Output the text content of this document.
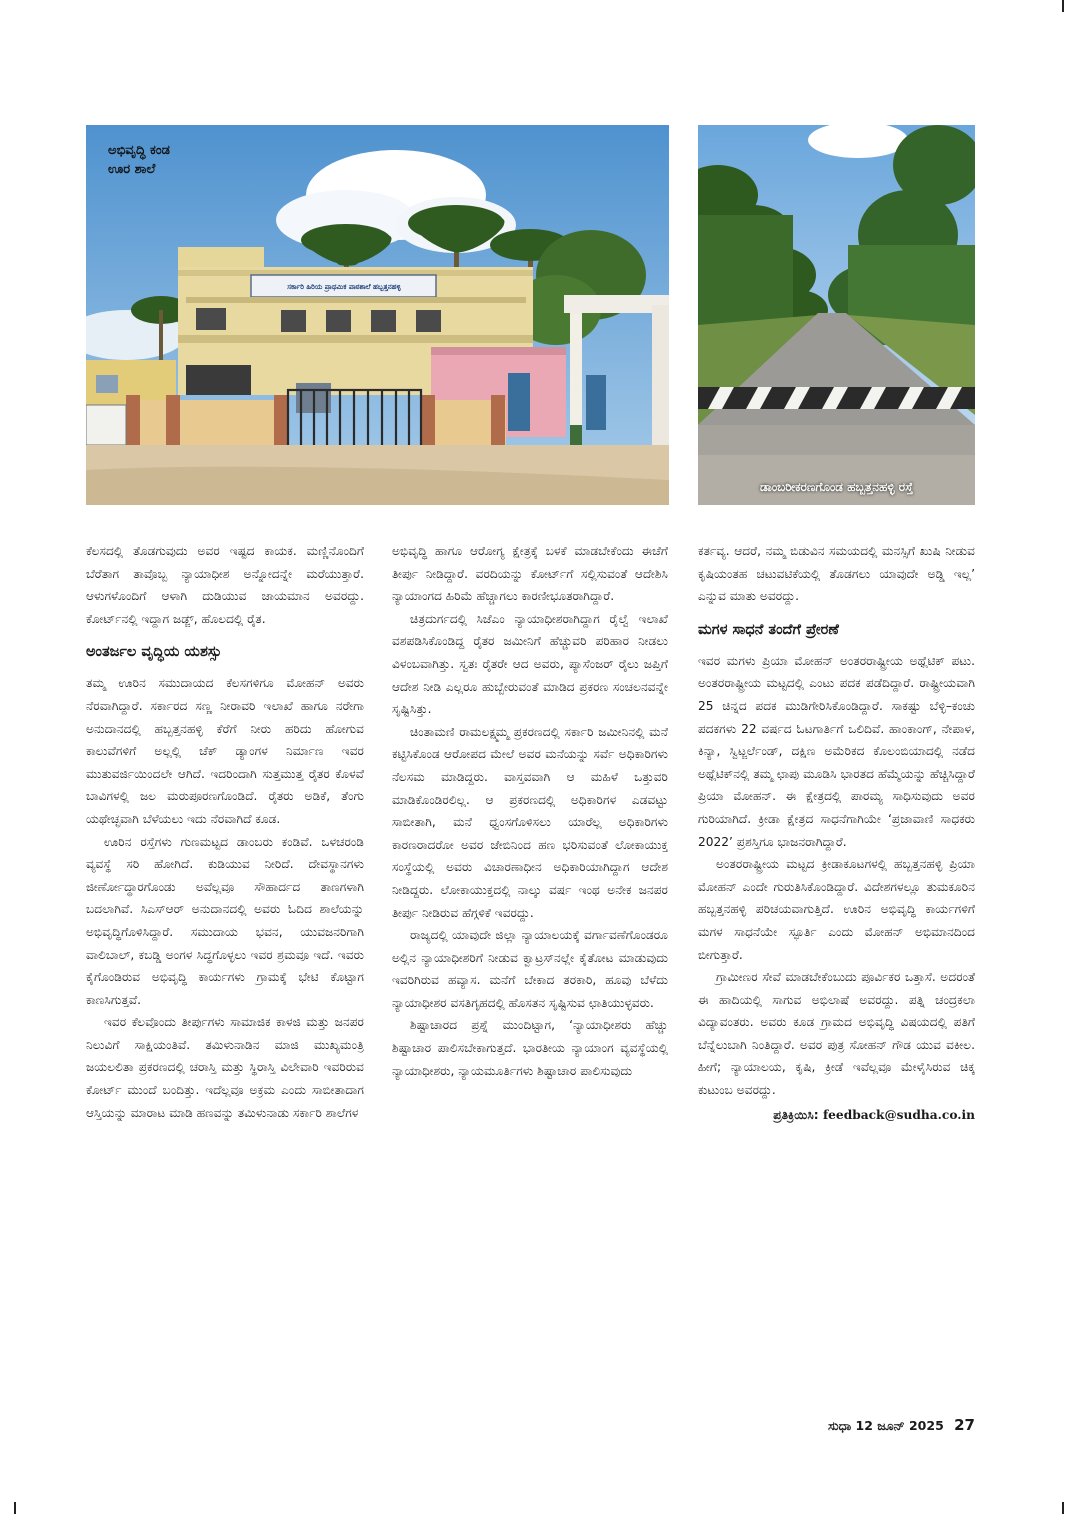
ಅಭಿವೃದ್ಧಿ ಕಂಡ
ಊರ ಶಾಲೆ
ಸರ್ಕಾರಿ ಹಿರಿಯ ಪ್ರಾಥಮಿಕ ಪಾಠಶಾಲೆ ಹಬ್ಬತ್ತನಹಳ್ಳಿ
ಡಾಂಬರೀಕರಣಗೊಂಡ ಹಬ್ಬತ್ತನಹಳ್ಳಿ ರಸ್ತೆ

ಕೆಲಸದಲ್ಲಿ ತೊಡಗುವುದು ಅವರ ಇಷ್ಟದ ಕಾಯಕ. ಮಣ್ಣಿನೊಂದಿಗೆ ಬೆರೆತಾಗ ತಾವೊಬ್ಬ ನ್ಯಾಯಾಧೀಶ ಅನ್ನೋದನ್ನೇ ಮರೆಯುತ್ತಾರೆ. ಆಳುಗಳೊಂದಿಗೆ ಆಳಾಗಿ ದುಡಿಯುವ ಜಾಯಮಾನ ಅವರದ್ದು. ಕೋರ್ಟ್‌ನಲ್ಲಿ ಇದ್ದಾಗ ಜಡ್ಜ್, ಹೊಲದಲ್ಲಿ ರೈತ.

ಅಂತರ್ಜಲ ವೃದ್ಧಿಯ ಯಶಸ್ಸು

ತಮ್ಮ ಊರಿನ ಸಮುದಾಯದ ಕೆಲಸಗಳಿಗೂ ಮೋಹನ್ ಅವರು ನೆರವಾಗಿದ್ದಾರೆ. ಸರ್ಕಾರದ ಸಣ್ಣ ನೀರಾವರಿ ಇಲಾಖೆ ಹಾಗೂ ನರೇಗಾ ಅನುದಾನದಲ್ಲಿ ಹಬ್ಬತ್ತನಹಳ್ಳಿ ಕೆರೆಗೆ ನೀರು ಹರಿದು ಹೋಗುವ ಕಾಲುವೆಗಳಿಗೆ ಅಲ್ಲಲ್ಲಿ ಚೆಕ್ ಡ್ಯಾಂಗಳ ನಿರ್ಮಾಣ ಇವರ ಮುತುವರ್ಜಿಯಿಂದಲೇ ಆಗಿದೆ. ಇದರಿಂದಾಗಿ ಸುತ್ತಮುತ್ತ ರೈತರ ಕೊಳವೆ ಬಾವಿಗಳಲ್ಲಿ ಜಲ ಮರುಪೂರಣಗೊಂಡಿದೆ. ರೈತರು ಅಡಿಕೆ, ತೆಂಗು ಯಥೇಚ್ಛವಾಗಿ ಬೆಳೆಯಲು ಇದು ನೆರವಾಗಿದೆ ಕೂಡ.

ಊರಿನ ರಸ್ತೆಗಳು ಗುಣಮಟ್ಟದ ಡಾಂಬರು ಕಂಡಿವೆ. ಒಳಚರಂಡಿ ವ್ಯವಸ್ಥೆ ಸರಿ ಹೋಗಿದೆ. ಕುಡಿಯುವ ನೀರಿದೆ. ದೇವಸ್ಥಾನಗಳು ಜೀರ್ಣೋದ್ಧಾರಗೊಂಡು ಅವೆಲ್ಲವೂ ಸೌಹಾರ್ದದ ತಾಣಗಳಾಗಿ ಬದಲಾಗಿವೆ. ಸಿಎಸ್‌ಆರ್ ಅನುದಾನದಲ್ಲಿ ಅವರು ಓದಿದ ಶಾಲೆಯನ್ನು ಅಭಿವೃದ್ಧಿಗೊಳಿಸಿದ್ದಾರೆ. ಸಮುದಾಯ ಭವನ, ಯುವಜನರಿಗಾಗಿ ವಾಲಿಬಾಲ್, ಕಬಡ್ಡಿ ಅಂಗಳ ಸಿದ್ಧಗೊಳ್ಳಲು ಇವರ ಶ್ರಮವೂ ಇದೆ. ಇವರು ಕೈಗೊಂಡಿರುವ ಅಭಿವೃದ್ಧಿ ಕಾರ್ಯಗಳು ಗ್ರಾಮಕ್ಕೆ ಭೇಟಿ ಕೊಟ್ಟಾಗ ಕಾಣಸಿಗುತ್ತವೆ.

ಇವರ ಕೆಲವೊಂದು ತೀರ್ಪುಗಳು ಸಾಮಾಜಿಕ ಕಾಳಜಿ ಮತ್ತು ಜನಪರ ನಿಲುವಿಗೆ ಸಾಕ್ಷಿಯಂತಿವೆ. ತಮಿಳುನಾಡಿನ ಮಾಜಿ ಮುಖ್ಯಮಂತ್ರಿ ಜಯಲಲಿತಾ ಪ್ರಕರಣದಲ್ಲಿ ಚರಾಸ್ತಿ ಮತ್ತು ಸ್ಥಿರಾಸ್ತಿ ವಿಲೇವಾರಿ ಇವರಿರುವ ಕೋರ್ಟ್ ಮುಂದೆ ಬಂದಿತ್ತು. ಇದೆಲ್ಲವೂ ಅಕ್ರಮ ಎಂದು ಸಾಬೀತಾದಾಗ ಆಸ್ತಿಯನ್ನು ಮಾರಾಟ ಮಾಡಿ ಹಣವನ್ನು ತಮಿಳುನಾಡು ಸರ್ಕಾರಿ ಶಾಲೆಗಳ

ಅಭಿವೃದ್ಧಿ ಹಾಗೂ ಆರೋಗ್ಯ ಕ್ಷೇತ್ರಕ್ಕೆ ಬಳಕೆ ಮಾಡಬೇಕೆಂದು ಈಚೆಗೆ ತೀರ್ಪು ನೀಡಿದ್ದಾರೆ. ವರದಿಯನ್ನು ಕೋರ್ಟ್‌ಗೆ ಸಲ್ಲಿಸುವಂತೆ ಆದೇಶಿಸಿ ನ್ಯಾಯಾಂಗದ ಹಿರಿಮೆ ಹೆಚ್ಚಾಗಲು ಕಾರಣೀಭೂತರಾಗಿದ್ದಾರೆ.

ಚಿತ್ರದುರ್ಗದಲ್ಲಿ ಸಿಜೆಎಂ ನ್ಯಾಯಾಧೀಶರಾಗಿದ್ದಾಗ ರೈಲ್ವೆ ಇಲಾಖೆ ವಶಪಡಿಸಿಕೊಂಡಿದ್ದ ರೈತರ ಜಮೀನಿಗೆ ಹೆಚ್ಚುವರಿ ಪರಿಹಾರ ನೀಡಲು ವಿಳಂಬವಾಗಿತ್ತು. ಸ್ವತಃ ರೈತರೇ ಆದ ಅವರು, ಪ್ಯಾಸೆಂಜರ್ ರೈಲು ಜಪ್ತಿಗೆ ಆದೇಶ ನೀಡಿ ಎಲ್ಲರೂ ಹುಬ್ಬೇರುವಂತೆ ಮಾಡಿದ ಪ್ರಕರಣ ಸಂಚಲನವನ್ನೇ ಸೃಷ್ಟಿಸಿತ್ತು.

ಚಿಂತಾಮಣಿ ರಾಮಲಕ್ಷ್ಮಮ್ಮ ಪ್ರಕರಣದಲ್ಲಿ ಸರ್ಕಾರಿ ಜಮೀನಿನಲ್ಲಿ ಮನೆ ಕಟ್ಟಿಸಿಕೊಂಡ ಆರೋಪದ ಮೇಲೆ ಅವರ ಮನೆಯನ್ನು ಸರ್ವೆ ಅಧಿಕಾರಿಗಳು ನೆಲಸಮ ಮಾಡಿದ್ದರು. ವಾಸ್ತವವಾಗಿ ಆ ಮಹಿಳೆ ಒತ್ತುವರಿ ಮಾಡಿಕೊಂಡಿರಲಿಲ್ಲ. ಆ ಪ್ರಕರಣದಲ್ಲಿ ಅಧಿಕಾರಿಗಳ ಎಡವಟ್ಟು ಸಾಬೀತಾಗಿ, ಮನೆ ಧ್ವಂಸಗೊಳಿಸಲು ಯಾರೆಲ್ಲ ಅಧಿಕಾರಿಗಳು ಕಾರಣರಾದರೋ ಅವರ ಜೇಬಿನಿಂದ ಹಣ ಭರಿಸುವಂತೆ ಲೋಕಾಯುಕ್ತ ಸಂಸ್ಥೆಯಲ್ಲಿ ಅವರು ವಿಚಾರಣಾಧೀನ ಅಧಿಕಾರಿಯಾಗಿದ್ದಾಗ ಆದೇಶ ನೀಡಿದ್ದರು. ಲೋಕಾಯುಕ್ತದಲ್ಲಿ ನಾಲ್ಕು ವರ್ಷ ಇಂಥ ಅನೇಕ ಜನಪರ ತೀರ್ಪು ನೀಡಿರುವ ಹೆಗ್ಗಳಿಕೆ ಇವರದ್ದು.

ರಾಜ್ಯದಲ್ಲಿ ಯಾವುದೇ ಜಿಲ್ಲಾ ನ್ಯಾಯಾಲಯಕ್ಕೆ ವರ್ಗಾವಣೆಗೊಂಡರೂ ಅಲ್ಲಿನ ನ್ಯಾಯಾಧೀಶರಿಗೆ ನೀಡುವ ಕ್ವಾಟ್ರಸ್‌ನಲ್ಲೇ ಕೈತೋಟ ಮಾಡುವುದು ಇವರಿಗಿರುವ ಹವ್ಯಾಸ. ಮನೆಗೆ ಬೇಕಾದ ತರಕಾರಿ, ಹೂವು ಬೆಳೆದು ನ್ಯಾಯಾಧೀಶರ ವಸತಿಗೃಹದಲ್ಲಿ ಹೊಸತನ ಸೃಷ್ಟಿಸುವ ಛಾತಿಯುಳ್ಳವರು.

ಶಿಷ್ಟಾಚಾರದ ಪ್ರಶ್ನೆ ಮುಂದಿಟ್ಟಾಗ, ‘ನ್ಯಾಯಾಧೀಶರು ಹೆಚ್ಚು ಶಿಷ್ಟಾಚಾರ ಪಾಲಿಸಬೇಕಾಗುತ್ತದೆ. ಭಾರತೀಯ ನ್ಯಾಯಾಂಗ ವ್ಯವಸ್ಥೆಯಲ್ಲಿ ನ್ಯಾಯಾಧೀಶರು, ನ್ಯಾಯಮೂರ್ತಿಗಳು ಶಿಷ್ಟಾಚಾರ ಪಾಲಿಸುವುದು

ಕರ್ತವ್ಯ. ಆದರೆ, ನಮ್ಮ ಬಿಡುವಿನ ಸಮಯದಲ್ಲಿ ಮನಸ್ಸಿಗೆ ಖುಷಿ ನೀಡುವ ಕೃಷಿಯಂತಹ ಚಟುವಟಿಕೆಯಲ್ಲಿ ತೊಡಗಲು ಯಾವುದೇ ಅಡ್ಡಿ ಇಲ್ಲ’ ಎನ್ನುವ ಮಾತು ಅವರದ್ದು.

ಮಗಳ ಸಾಧನೆ ತಂದೆಗೆ ಪ್ರೇರಣೆ

ಇವರ ಮಗಳು ಪ್ರಿಯಾ ಮೋಹನ್ ಅಂತರರಾಷ್ಟ್ರೀಯ ಅಥ್ಲೆಟಿಕ್ ಪಟು. ಅಂತರರಾಷ್ಟ್ರೀಯ ಮಟ್ಟದಲ್ಲಿ ಎಂಟು ಪದಕ ಪಡೆದಿದ್ದಾರೆ. ರಾಷ್ಟ್ರೀಯವಾಗಿ 25 ಚಿನ್ನದ ಪದಕ ಮುಡಿಗೇರಿಸಿಕೊಂಡಿದ್ದಾರೆ. ಸಾಕಷ್ಟು ಬೆಳ್ಳಿ–ಕಂಚು ಪದಕಗಳು 22 ವರ್ಷದ ಓಟಗಾರ್ತಿಗೆ ಒಲಿದಿವೆ. ಹಾಂಕಾಂಗ್, ನೇಪಾಳ, ಕಿನ್ಯಾ, ಸ್ವಿಟ್ಜರ್ಲೆಂಡ್, ದಕ್ಷಿಣ ಅಮೆರಿಕದ ಕೊಲಂಬಿಯಾದಲ್ಲಿ ನಡೆದ ಅಥ್ಲೆಟಿಕ್‌ನಲ್ಲಿ ತಮ್ಮ ಛಾಪು ಮೂಡಿಸಿ ಭಾರತದ ಹೆಮ್ಮೆಯನ್ನು ಹೆಚ್ಚಿಸಿದ್ದಾರೆ ಪ್ರಿಯಾ ಮೋಹನ್. ಈ ಕ್ಷೇತ್ರದಲ್ಲಿ ಪಾರಮ್ಯ ಸಾಧಿಸುವುದು ಅವರ ಗುರಿಯಾಗಿದೆ. ಕ್ರೀಡಾ ಕ್ಷೇತ್ರದ ಸಾಧನೆಗಾಗಿಯೇ ‘ಪ್ರಜಾವಾಣಿ ಸಾಧಕರು 2022’ ಪ್ರಶಸ್ತಿಗೂ ಭಾಜನರಾಗಿದ್ದಾರೆ.

ಅಂತರರಾಷ್ಟ್ರೀಯ ಮಟ್ಟದ ಕ್ರೀಡಾಕೂಟಗಳಲ್ಲಿ ಹಬ್ಬತ್ತನಹಳ್ಳಿ ಪ್ರಿಯಾ ಮೋಹನ್ ಎಂದೇ ಗುರುತಿಸಿಕೊಂಡಿದ್ದಾರೆ. ವಿದೇಶಗಳಲ್ಲೂ ತುಮಕೂರಿನ ಹಬ್ಬತ್ತನಹಳ್ಳಿ ಪರಿಚಯವಾಗುತ್ತಿದೆ. ಊರಿನ ಅಭಿವೃದ್ಧಿ ಕಾರ್ಯಗಳಿಗೆ ಮಗಳ ಸಾಧನೆಯೇ ಸ್ಫೂರ್ತಿ ಎಂದು ಮೋಹನ್ ಅಭಿಮಾನದಿಂದ ಬೀಗುತ್ತಾರೆ.

ಗ್ರಾಮೀಣರ ಸೇವೆ ಮಾಡಬೇಕೆಂಬುದು ಪೂರ್ವಿಕರ ಒತ್ತಾಸೆ. ಅದರಂತೆ ಈ ಹಾದಿಯಲ್ಲಿ ಸಾಗುವ ಅಭಿಲಾಷೆ ಅವರದ್ದು. ಪತ್ನಿ ಚಂದ್ರಕಲಾ ವಿದ್ಯಾವಂತರು. ಅವರು ಕೂಡ ಗ್ರಾಮದ ಅಭಿವೃದ್ಧಿ ವಿಷಯದಲ್ಲಿ ಪತಿಗೆ ಬೆನ್ನೆಲುಬಾಗಿ ನಿಂತಿದ್ದಾರೆ. ಅವರ ಪುತ್ರ ಸೋಹನ್ ಗೌಡ ಯುವ ವಕೀಲ. ಹೀಗೆ; ನ್ಯಾಯಾಲಯ, ಕೃಷಿ, ಕ್ರೀಡೆ ಇವೆಲ್ಲವೂ ಮೇಳೈಸಿರುವ ಚಿಕ್ಕ ಕುಟುಂಬ ಅವರದ್ದು.

ಪ್ರತಿಕ್ರಿಯಿಸಿ: feedback@sudha.co.in
ಸುಧಾ 12 ಜೂನ್ 2025 27
